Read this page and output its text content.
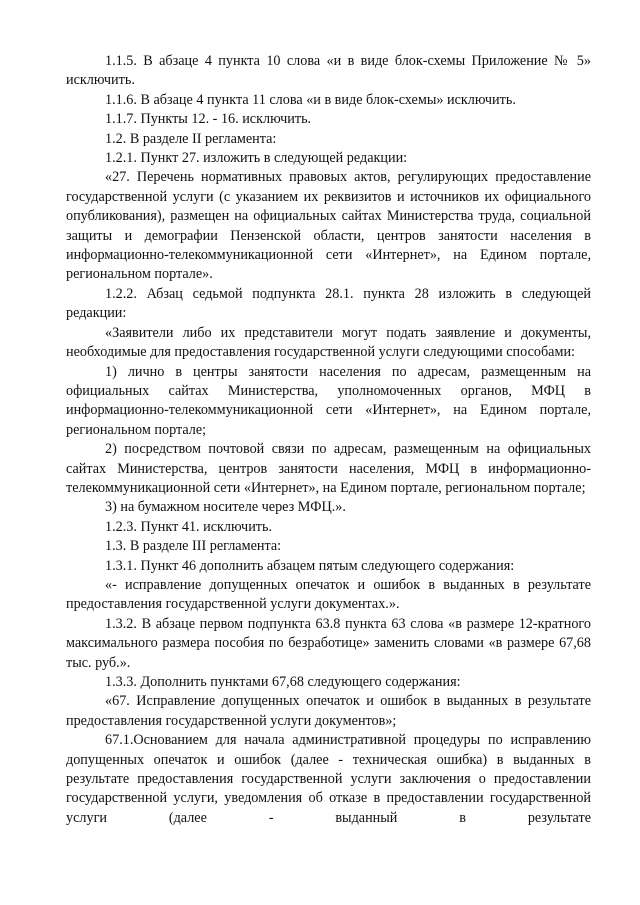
1.1.5. В абзаце 4 пункта 10 слова «и в виде блок-схемы Приложение № 5» исключить.

1.1.6. В абзаце 4 пункта 11 слова «и в виде блок-схемы» исключить.

1.1.7. Пункты 12. - 16. исключить.

1.2. В разделе II регламента:

1.2.1. Пункт 27. изложить в следующей редакции:

«27. Перечень нормативных правовых актов, регулирующих предоставление государственной услуги (с указанием их реквизитов и источников их официального опубликования), размещен на официальных сайтах Министерства труда, социальной защиты и демографии Пензенской области, центров занятости населения в информационно-телекоммуникационной сети «Интернет», на Едином портале, региональном портале».

1.2.2. Абзац седьмой подпункта 28.1. пункта 28 изложить в следующей редакции:

«Заявители либо их представители могут подать заявление и документы, необходимые для предоставления государственной услуги следующими способами:

1) лично в центры занятости населения по адресам, размещенным на официальных сайтах Министерства, уполномоченных органов, МФЦ в информационно-телекоммуникационной сети «Интернет», на Едином портале, региональном портале;

2) посредством почтовой связи по адресам, размещенным на официальных сайтах Министерства, центров занятости населения, МФЦ в информационно-телекоммуникационной сети «Интернет», на Едином портале, региональном портале;

3) на бумажном носителе через МФЦ.».

1.2.3. Пункт 41. исключить.

1.3. В разделе III регламента:

1.3.1. Пункт 46 дополнить абзацем пятым следующего содержания:

«- исправление допущенных опечаток и ошибок в выданных в результате предоставления государственной услуги документах.».

1.3.2. В абзаце первом подпункта 63.8 пункта 63 слова «в размере 12-кратного максимального размера пособия по безработице» заменить словами «в размере 67,68 тыс. руб.».

1.3.3. Дополнить пунктами 67,68 следующего содержания:

«67. Исправление допущенных опечаток и ошибок в выданных в результате предоставления государственной услуги документов»;

67.1.Основанием для начала административной процедуры по исправлению допущенных опечаток и ошибок (далее - техническая ошибка) в выданных в результате предоставления государственной услуги заключения о предоставлении государственной услуги, уведомления об отказе в предоставлении государственной услуги (далее - выданный в результате
